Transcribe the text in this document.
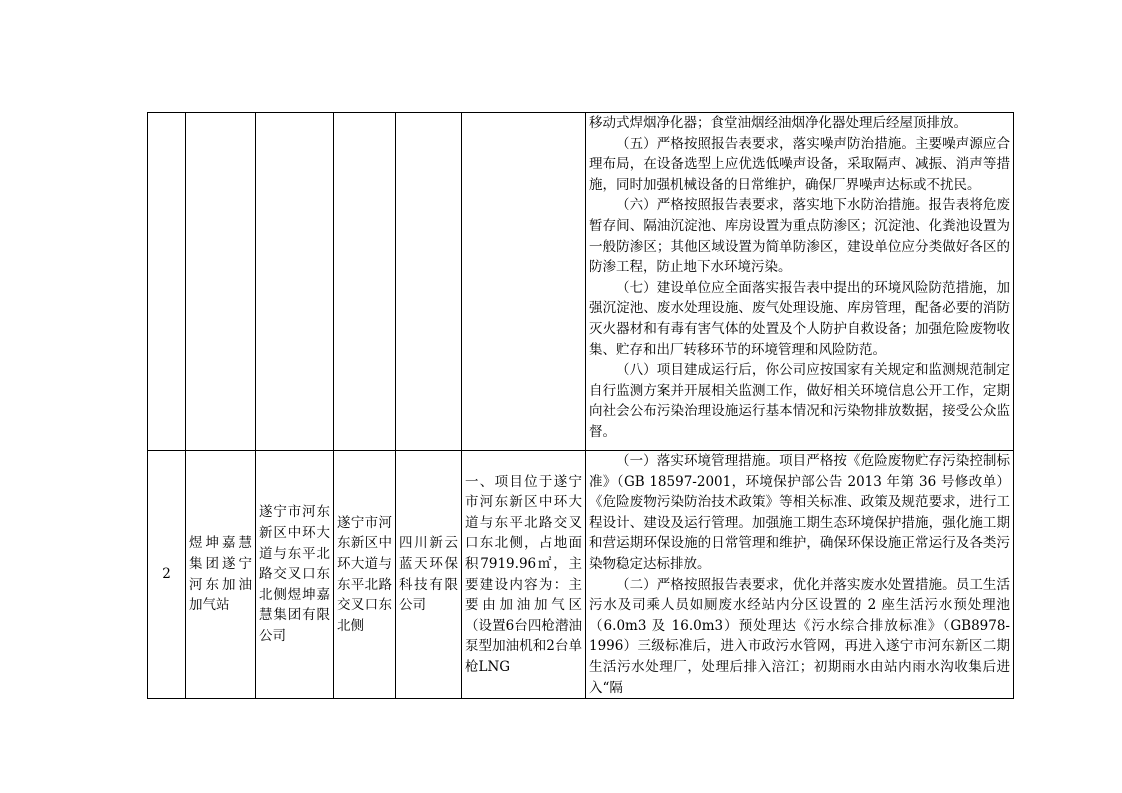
						移动式焊烟净化器；食堂油烟经油烟净化器处理后经屋顶排放。

（五）严格按照报告表要求，落实噪声防治措施。主要噪声源应合理布局，在设备选型上应优选低噪声设备，采取隔声、减振、消声等措施，同时加强机械设备的日常维护，确保厂界噪声达标或不扰民。

（六）严格按照报告表要求，落实地下水防治措施。报告表将危废暂存间、隔油沉淀池、库房设置为重点防渗区；沉淀池、化粪池设置为一般防渗区；其他区域设置为简单防渗区，建设单位应分类做好各区的防渗工程，防止地下水环境污染。

（七）建设单位应全面落实报告表中提出的环境风险防范措施，加强沉淀池、废水处理设施、废气处理设施、库房管理，配备必要的消防灭火器材和有毒有害气体的处置及个人防护自救设备；加强危险废物收集、贮存和出厂转移环节的环境管理和风险防范。

（八）项目建成运行后，你公司应按国家有关规定和监测规范制定自行监测方案并开展相关监测工作，做好相关环境信息公开工作，定期向社会公布污染治理设施运行基本情况和污染物排放数据，接受公众监督。

2	煜坤嘉慧集团遂宁河东加油加气站	遂宁市河东新区中环大道与东平北路交叉口东北侧煜坤嘉慧集团有限公司	遂宁市河东新区中环大道与东平北路交叉口东北侧	四川新云蓝天环保科技有限公司	一、项目位于遂宁市河东新区中环大道与东平北路交叉口东北侧，占地面积7919.96㎡，主要建设内容为：主要由加油加气区（设置6台四枪潜油泵型加油机和2台单枪LNG	（一）落实环境管理措施。项目严格按《危险废物贮存污染控制标准》（GB 18597-2001，环境保护部公告 2013 年第 36 号修改单）《危险废物污染防治技术政策》等相关标准、政策及规范要求，进行工程设计、建设及运行管理。加强施工期生态环境保护措施，强化施工期和营运期环保设施的日常管理和维护，确保环保设施正常运行及各类污染物稳定达标排放。

（二）严格按照报告表要求，优化并落实废水处置措施。员工生活污水及司乘人员如厕废水经站内分区设置的 2 座生活污水预处理池（6.0m3 及 16.0m3）预处理达《污水综合排放标准》（GB8978-1996）三级标准后，进入市政污水管网，再进入遂宁市河东新区二期生活污水处理厂，处理后排入涪江；初期雨水由站内雨水沟收集后进入“隔
